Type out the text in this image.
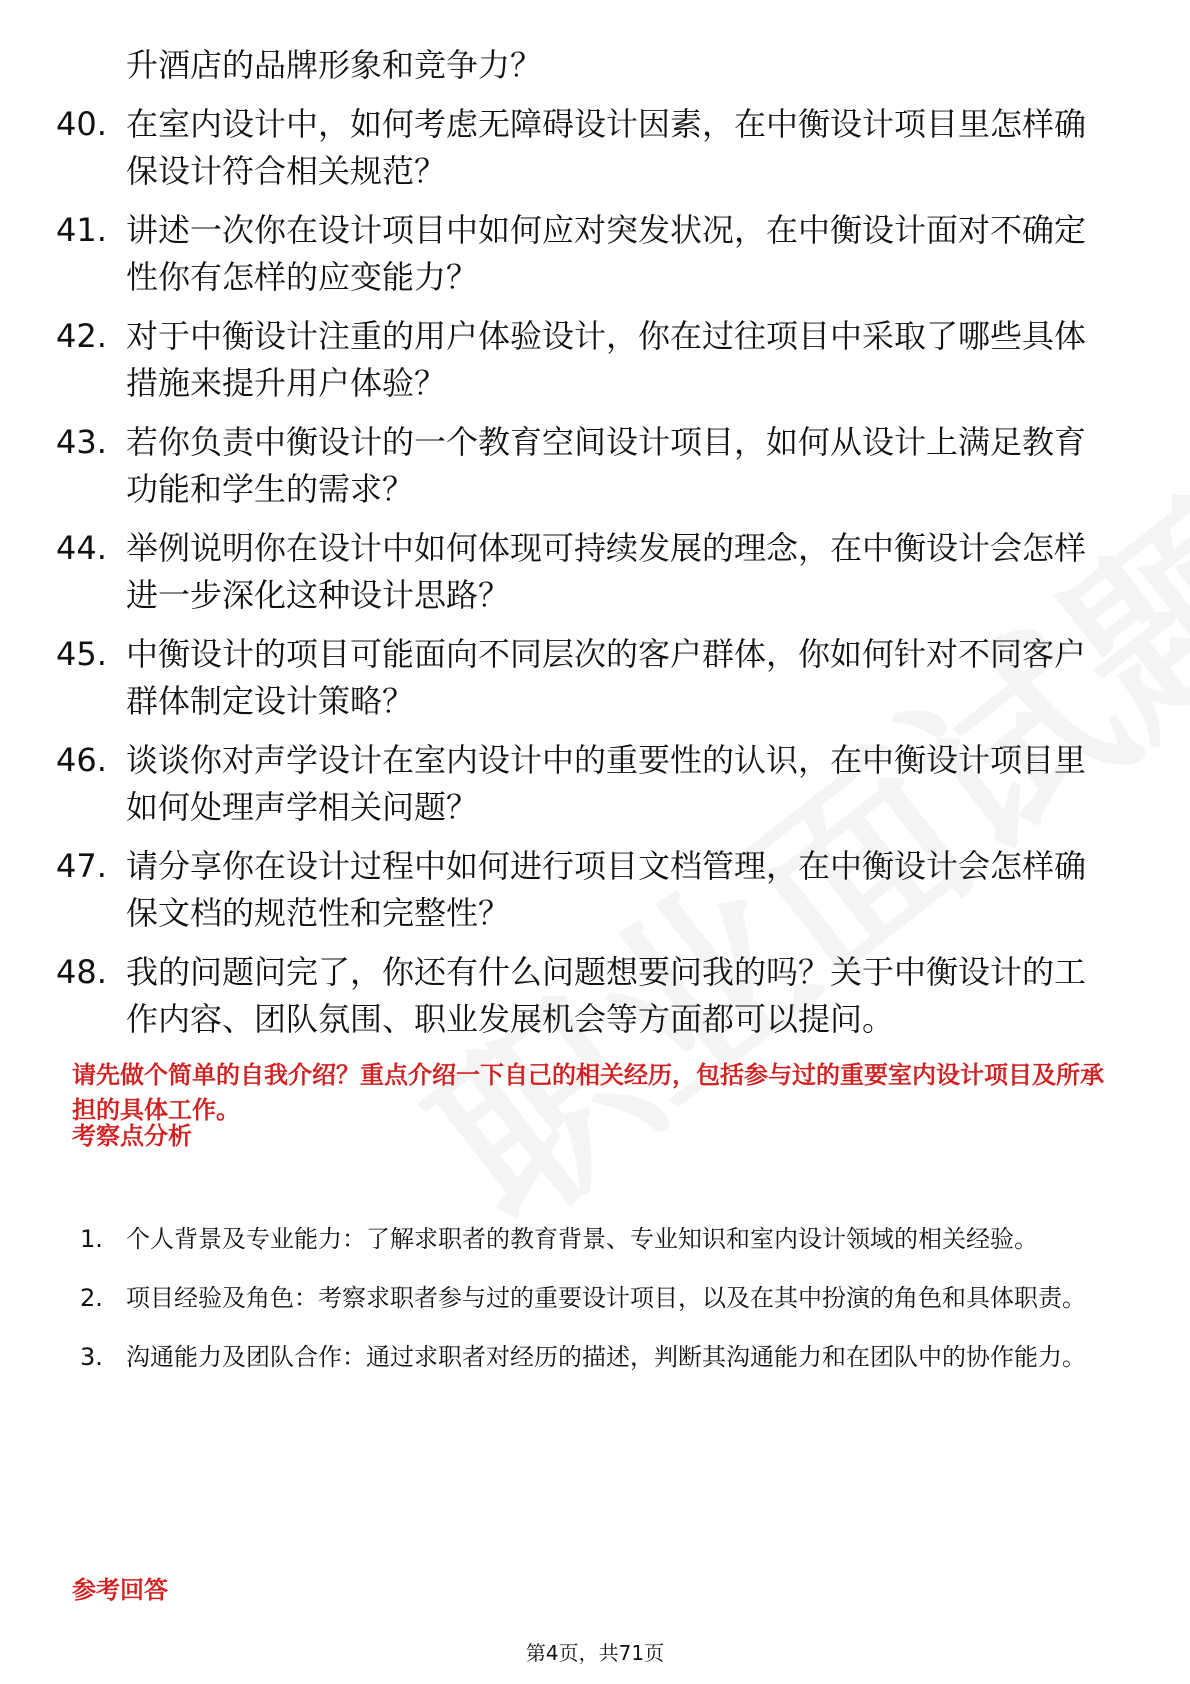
升酒店的品牌形象和竞争力？
40. 在室内设计中，如何考虑无障碍设计因素，在中衡设计项目里怎样确保设计符合相关规范？
41. 讲述一次你在设计项目中如何应对突发状况，在中衡设计面对不确定性你有怎样的应变能力？
42. 对于中衡设计注重的用户体验设计，你在过往项目中采取了哪些具体措施来提升用户体验？
43. 若你负责中衡设计的一个教育空间设计项目，如何从设计上满足教育功能和学生的需求？
44. 举例说明你在设计中如何体现可持续发展的理念，在中衡设计会怎样进一步深化这种设计思路？
45. 中衡设计的项目可能面向不同层次的客户群体，你如何针对不同客户群体制定设计策略？
46. 谈谈你对声学设计在室内设计中的重要性的认识，在中衡设计项目里如何处理声学相关问题？
47. 请分享你在设计过程中如何进行项目文档管理，在中衡设计会怎样确保文档的规范性和完整性？
48. 我的问题问完了，你还有什么问题想要问我的吗？关于中衡设计的工作内容、团队氛围、职业发展机会等方面都可以提问。
请先做个简单的自我介绍？重点介绍一下自己的相关经历，包括参与过的重要室内设计项目及所承担的具体工作。
考察点分析
1. 个人背景及专业能力：了解求职者的教育背景、专业知识和室内设计领域的相关经验。
2. 项目经验及角色：考察求职者参与过的重要设计项目，以及在其中扮演的角色和具体职责。
3. 沟通能力及团队合作：通过求职者对经历的描述，判断其沟通能力和在团队中的协作能力。
参考回答
第4页，共71页
